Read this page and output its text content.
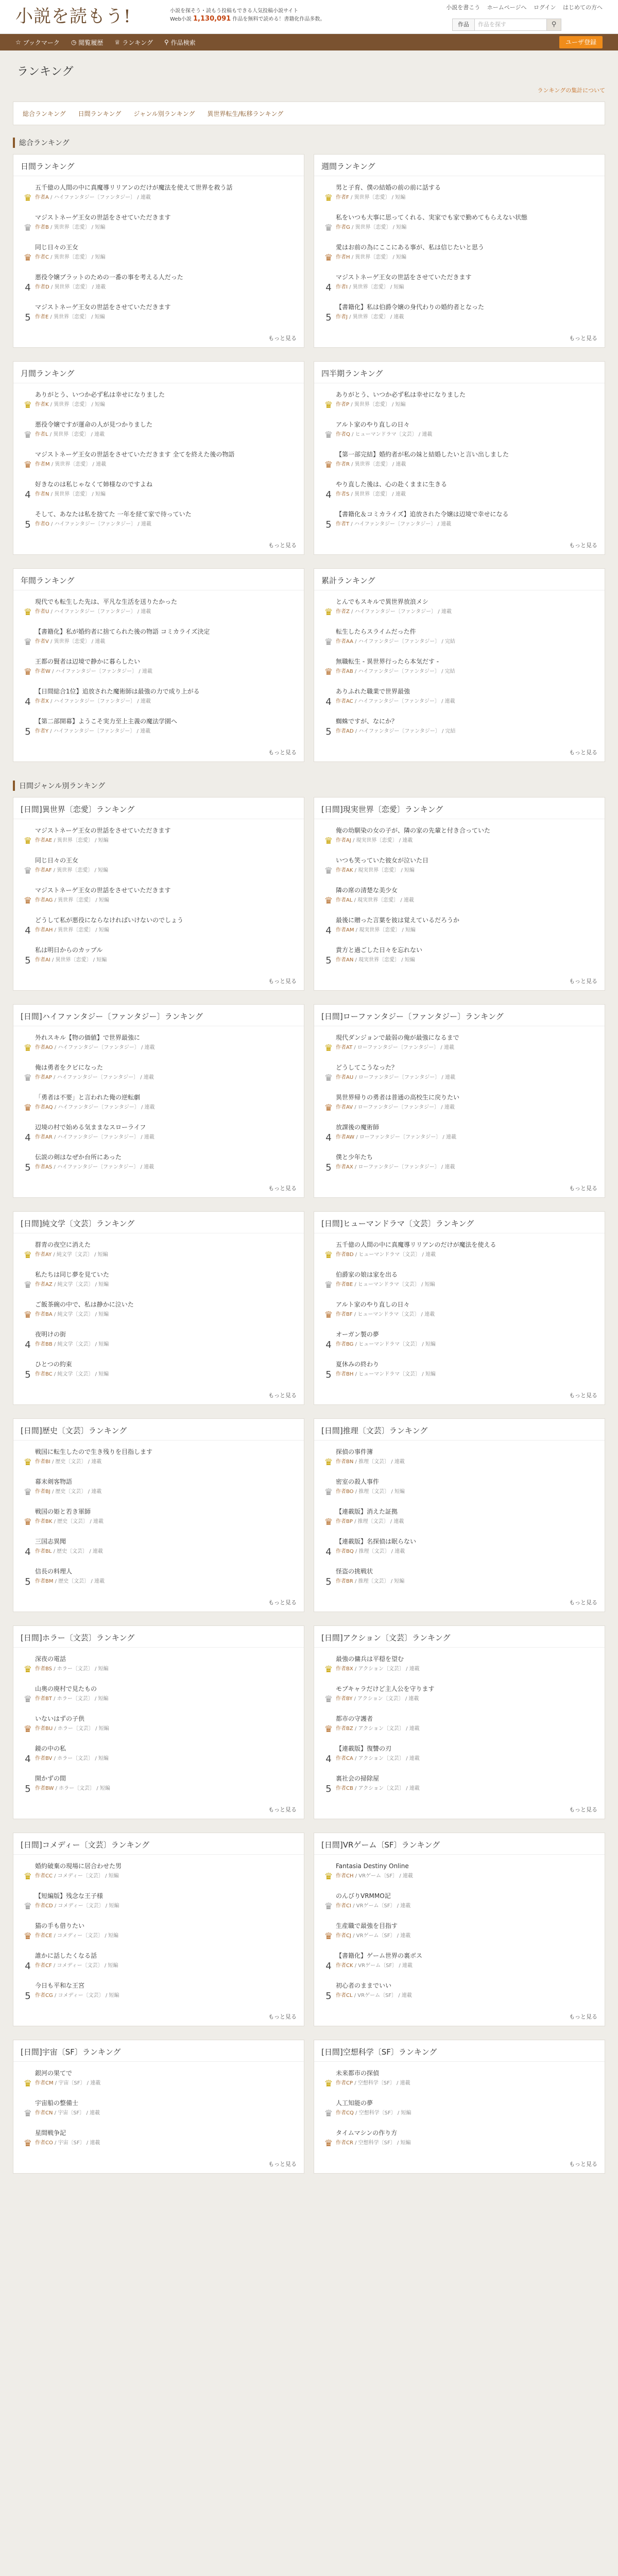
小説を読もう!	小説を探そう・読もう投稿もできる人気投稿小説サイト
Web小説 1,130,091 作品を無料で読める！書籍化作品多数。
小説を書こう ホームページへ ログイン はじめての方へ
作品	作品を探す	⚲
☆ ブックマーク ◷ 閲覧履歴 ♕ ランキング ⚲ 作品検索	ユーザ登録
ランキング
ランキングの集計について
総合ランキング 日間ランキング ジャンル別ランキング 異世界転生/転移ランキング
総合ランキング
日間ランキング
♛
五千億の人間の中に真魔導リリアンのだけが魔法を使えて世界を救う話
作者A / ハイファンタジー〔ファンタジー〕 / 連載
♛
マジストネーゲ王女の世話をさせていただきます
作者B / 異世界〔恋愛〕 / 短編
♛
同じ日々の王女
作者C / 異世界〔恋愛〕 / 短編
4
悪役令嬢ブラットのための一番の事を考える人だった
作者D / 異世界〔恋愛〕 / 連載
5
マジストネーゲ王女の世話をさせていただきます
作者E / 異世界〔恋愛〕 / 短編
もっと見る
週間ランキング
♛
男と子育、僕の結婚の前の前に話する
作者F / 異世界〔恋愛〕 / 短編
♛
私をいつも大事に思ってくれる、実家でも家で勤めてもらえない状態
作者G / 異世界〔恋愛〕 / 短編
♛
愛はお前の為にここにある事が、私は信じたいと思う
作者H / 異世界〔恋愛〕 / 短編
4
マジストネーゲ王女の世話をさせていただきます
作者I / 異世界〔恋愛〕 / 短編
5
【書籍化】私は伯爵令嬢の身代わりの婚約者となった
作者J / 異世界〔恋愛〕 / 連載
もっと見る
月間ランキング
♛
ありがとう、いつか必ず私は幸せになりました
作者K / 異世界〔恋愛〕 / 短編
♛
悪役令嬢ですが運命の人が見つかりました
作者L / 異世界〔恋愛〕 / 連載
♛
マジストネーゲ王女の世話をさせていただきます 全てを終えた後の物語
作者M / 異世界〔恋愛〕 / 連載
4
好きなのは私じゃなくて姉様なのですよね
作者N / 異世界〔恋愛〕 / 短編
5
そして、あなたは私を捨てた 一年を経て家で待っていた
作者O / ハイファンタジー〔ファンタジー〕 / 連載
もっと見る
四半期ランキング
♛
ありがとう、いつか必ず私は幸せになりました
作者P / 異世界〔恋愛〕 / 短編
♛
アルト家のやり直しの日々
作者Q / ヒューマンドラマ〔文芸〕 / 連載
♛
【第一部完結】婚約者が私の妹と結婚したいと言い出しました
作者R / 異世界〔恋愛〕 / 連載
4
やり直した後は、心の赴くままに生きる
作者S / 異世界〔恋愛〕 / 連載
5
【書籍化＆コミカライズ】追放された令嬢は辺境で幸せになる
作者T / ハイファンタジー〔ファンタジー〕 / 連載
もっと見る
年間ランキング
♛
現代でも転生した先は、平凡な生活を送りたかった
作者U / ハイファンタジー〔ファンタジー〕 / 連載
♛
【書籍化】私が婚約者に捨てられた後の物語 コミカライズ決定
作者V / 異世界〔恋愛〕 / 連載
♛
王都の賢者は辺境で静かに暮らしたい
作者W / ハイファンタジー〔ファンタジー〕 / 連載
4
【日間総合1位】追放された魔術師は最強の力で成り上がる
作者X / ハイファンタジー〔ファンタジー〕 / 連載
5
【第二部開幕】ようこそ実力至上主義の魔法学園へ
作者Y / ハイファンタジー〔ファンタジー〕 / 連載
もっと見る
累計ランキング
♛
とんでもスキルで異世界放浪メシ
作者Z / ハイファンタジー〔ファンタジー〕 / 連載
♛
転生したらスライムだった件
作者AA / ハイファンタジー〔ファンタジー〕 / 完結
♛
無職転生 - 異世界行ったら本気だす -
作者AB / ハイファンタジー〔ファンタジー〕 / 完結
4
ありふれた職業で世界最強
作者AC / ハイファンタジー〔ファンタジー〕 / 連載
5
蜘蛛ですが、なにか？
作者AD / ハイファンタジー〔ファンタジー〕 / 完結
もっと見る
日間ジャンル別ランキング
[日間]異世界〔恋愛〕ランキング
♛
マジストネーゲ王女の世話をさせていただきます
作者AE / 異世界〔恋愛〕 / 短編
♛
同じ日々の王女
作者AF / 異世界〔恋愛〕 / 短編
♛
マジストネーゲ王女の世話をさせていただきます
作者AG / 異世界〔恋愛〕 / 短編
4
どうして私が悪役にならなければいけないのでしょう
作者AH / 異世界〔恋愛〕 / 短編
5
私は明日からのカップル
作者AI / 異世界〔恋愛〕 / 短編
もっと見る
[日間]現実世界〔恋愛〕ランキング
♛
俺の幼馴染の女の子が、隣の家の先輩と付き合っていた
作者AJ / 現実世界〔恋愛〕 / 連載
♛
いつも笑っていた彼女が泣いた日
作者AK / 現実世界〔恋愛〕 / 短編
♛
隣の席の清楚な美少女
作者AL / 現実世界〔恋愛〕 / 連載
4
最後に贈った言葉を彼は覚えているだろうか
作者AM / 現実世界〔恋愛〕 / 短編
5
貴方と過ごした日々を忘れない
作者AN / 現実世界〔恋愛〕 / 短編
もっと見る
[日間]ハイファンタジー〔ファンタジー〕ランキング
♛
外れスキル【物の価値】で世界最強に
作者AO / ハイファンタジー〔ファンタジー〕 / 連載
♛
俺は勇者をクビになった
作者AP / ハイファンタジー〔ファンタジー〕 / 連載
♛
「勇者は不要」と言われた俺の逆転劇
作者AQ / ハイファンタジー〔ファンタジー〕 / 連載
4
辺境の村で始める気ままなスローライフ
作者AR / ハイファンタジー〔ファンタジー〕 / 連載
5
伝説の剣はなぜか台所にあった
作者AS / ハイファンタジー〔ファンタジー〕 / 連載
もっと見る
[日間]ローファンタジー〔ファンタジー〕ランキング
♛
現代ダンジョンで最弱の俺が最強になるまで
作者AT / ローファンタジー〔ファンタジー〕 / 連載
♛
どうしてこうなった？
作者AU / ローファンタジー〔ファンタジー〕 / 連載
♛
異世界帰りの勇者は普通の高校生に戻りたい
作者AV / ローファンタジー〔ファンタジー〕 / 連載
4
放課後の魔術師
作者AW / ローファンタジー〔ファンタジー〕 / 連載
5
僕と少年たち
作者AX / ローファンタジー〔ファンタジー〕 / 連載
もっと見る
[日間]純文学〔文芸〕ランキング
♛
群青の夜空に消えた
作者AY / 純文学〔文芸〕 / 短編
♛
私たちは同じ夢を見ていた
作者AZ / 純文学〔文芸〕 / 短編
♛
ご飯茶碗の中で、私は静かに泣いた
作者BA / 純文学〔文芸〕 / 短編
4
夜明けの街
作者BB / 純文学〔文芸〕 / 短編
5
ひとつの約束
作者BC / 純文学〔文芸〕 / 短編
もっと見る
[日間]ヒューマンドラマ〔文芸〕ランキング
♛
五千億の人間の中に真魔導リリアンのだけが魔法を使える
作者BD / ヒューマンドラマ〔文芸〕 / 連載
♛
伯爵家の娘は家を出る
作者BE / ヒューマンドラマ〔文芸〕 / 短編
♛
アルト家のやり直しの日々
作者BF / ヒューマンドラマ〔文芸〕 / 連載
4
オーガン製の夢
作者BG / ヒューマンドラマ〔文芸〕 / 短編
5
夏休みの終わり
作者BH / ヒューマンドラマ〔文芸〕 / 短編
もっと見る
[日間]歴史〔文芸〕ランキング
♛
戦国に転生したので生き残りを目指します
作者BI / 歴史〔文芸〕 / 連載
♛
幕末剣客物語
作者BJ / 歴史〔文芸〕 / 連載
♛
戦国の姫と若き軍師
作者BK / 歴史〔文芸〕 / 連載
4
三国志異聞
作者BL / 歴史〔文芸〕 / 連載
5
信長の料理人
作者BM / 歴史〔文芸〕 / 連載
もっと見る
[日間]推理〔文芸〕ランキング
♛
探偵の事件簿
作者BN / 推理〔文芸〕 / 連載
♛
密室の殺人事件
作者BO / 推理〔文芸〕 / 短編
♛
【連載版】消えた証拠
作者BP / 推理〔文芸〕 / 連載
4
【連載版】名探偵は眠らない
作者BQ / 推理〔文芸〕 / 連載
5
怪盗の挑戦状
作者BR / 推理〔文芸〕 / 短編
もっと見る
[日間]ホラー〔文芸〕ランキング
♛
深夜の電話
作者BS / ホラー〔文芸〕 / 短編
♛
山奥の廃村で見たもの
作者BT / ホラー〔文芸〕 / 短編
♛
いないはずの子供
作者BU / ホラー〔文芸〕 / 短編
4
鏡の中の私
作者BV / ホラー〔文芸〕 / 短編
5
開かずの間
作者BW / ホラー〔文芸〕 / 短編
もっと見る
[日間]アクション〔文芸〕ランキング
♛
最強の傭兵は平穏を望む
作者BX / アクション〔文芸〕 / 連載
♛
モブキャラだけど主人公を守ります
作者BY / アクション〔文芸〕 / 連載
♛
都市の守護者
作者BZ / アクション〔文芸〕 / 連載
4
【連載版】復讐の刃
作者CA / アクション〔文芸〕 / 連載
5
裏社会の掃除屋
作者CB / アクション〔文芸〕 / 連載
もっと見る
[日間]コメディー〔文芸〕ランキング
♛
婚約破棄の現場に居合わせた男
作者CC / コメディー〔文芸〕 / 短編
♛
【短編版】残念な王子様
作者CD / コメディー〔文芸〕 / 短編
♛
猫の手も借りたい
作者CE / コメディー〔文芸〕 / 短編
4
誰かに話したくなる話
作者CF / コメディー〔文芸〕 / 短編
5
今日も平和な王宮
作者CG / コメディー〔文芸〕 / 短編
もっと見る
[日間]VRゲーム〔SF〕ランキング
♛
Fantasia Destiny Online
作者CH / VRゲーム〔SF〕 / 連載
♛
のんびりVRMMO記
作者CI / VRゲーム〔SF〕 / 連載
♛
生産職で最強を目指す
作者CJ / VRゲーム〔SF〕 / 連載
4
【書籍化】ゲーム世界の裏ボス
作者CK / VRゲーム〔SF〕 / 連載
5
初心者のままでいい
作者CL / VRゲーム〔SF〕 / 連載
もっと見る
[日間]宇宙〔SF〕ランキング
♛
銀河の果てで
作者CM / 宇宙〔SF〕 / 連載
♛
宇宙船の整備士
作者CN / 宇宙〔SF〕 / 連載
♛
星間戦争記
作者CO / 宇宙〔SF〕 / 連載
もっと見る
[日間]空想科学〔SF〕ランキング
♛
未来都市の探偵
作者CP / 空想科学〔SF〕 / 連載
♛
人工知能の夢
作者CQ / 空想科学〔SF〕 / 短編
♛
タイムマシンの作り方
作者CR / 空想科学〔SF〕 / 短編
もっと見る
